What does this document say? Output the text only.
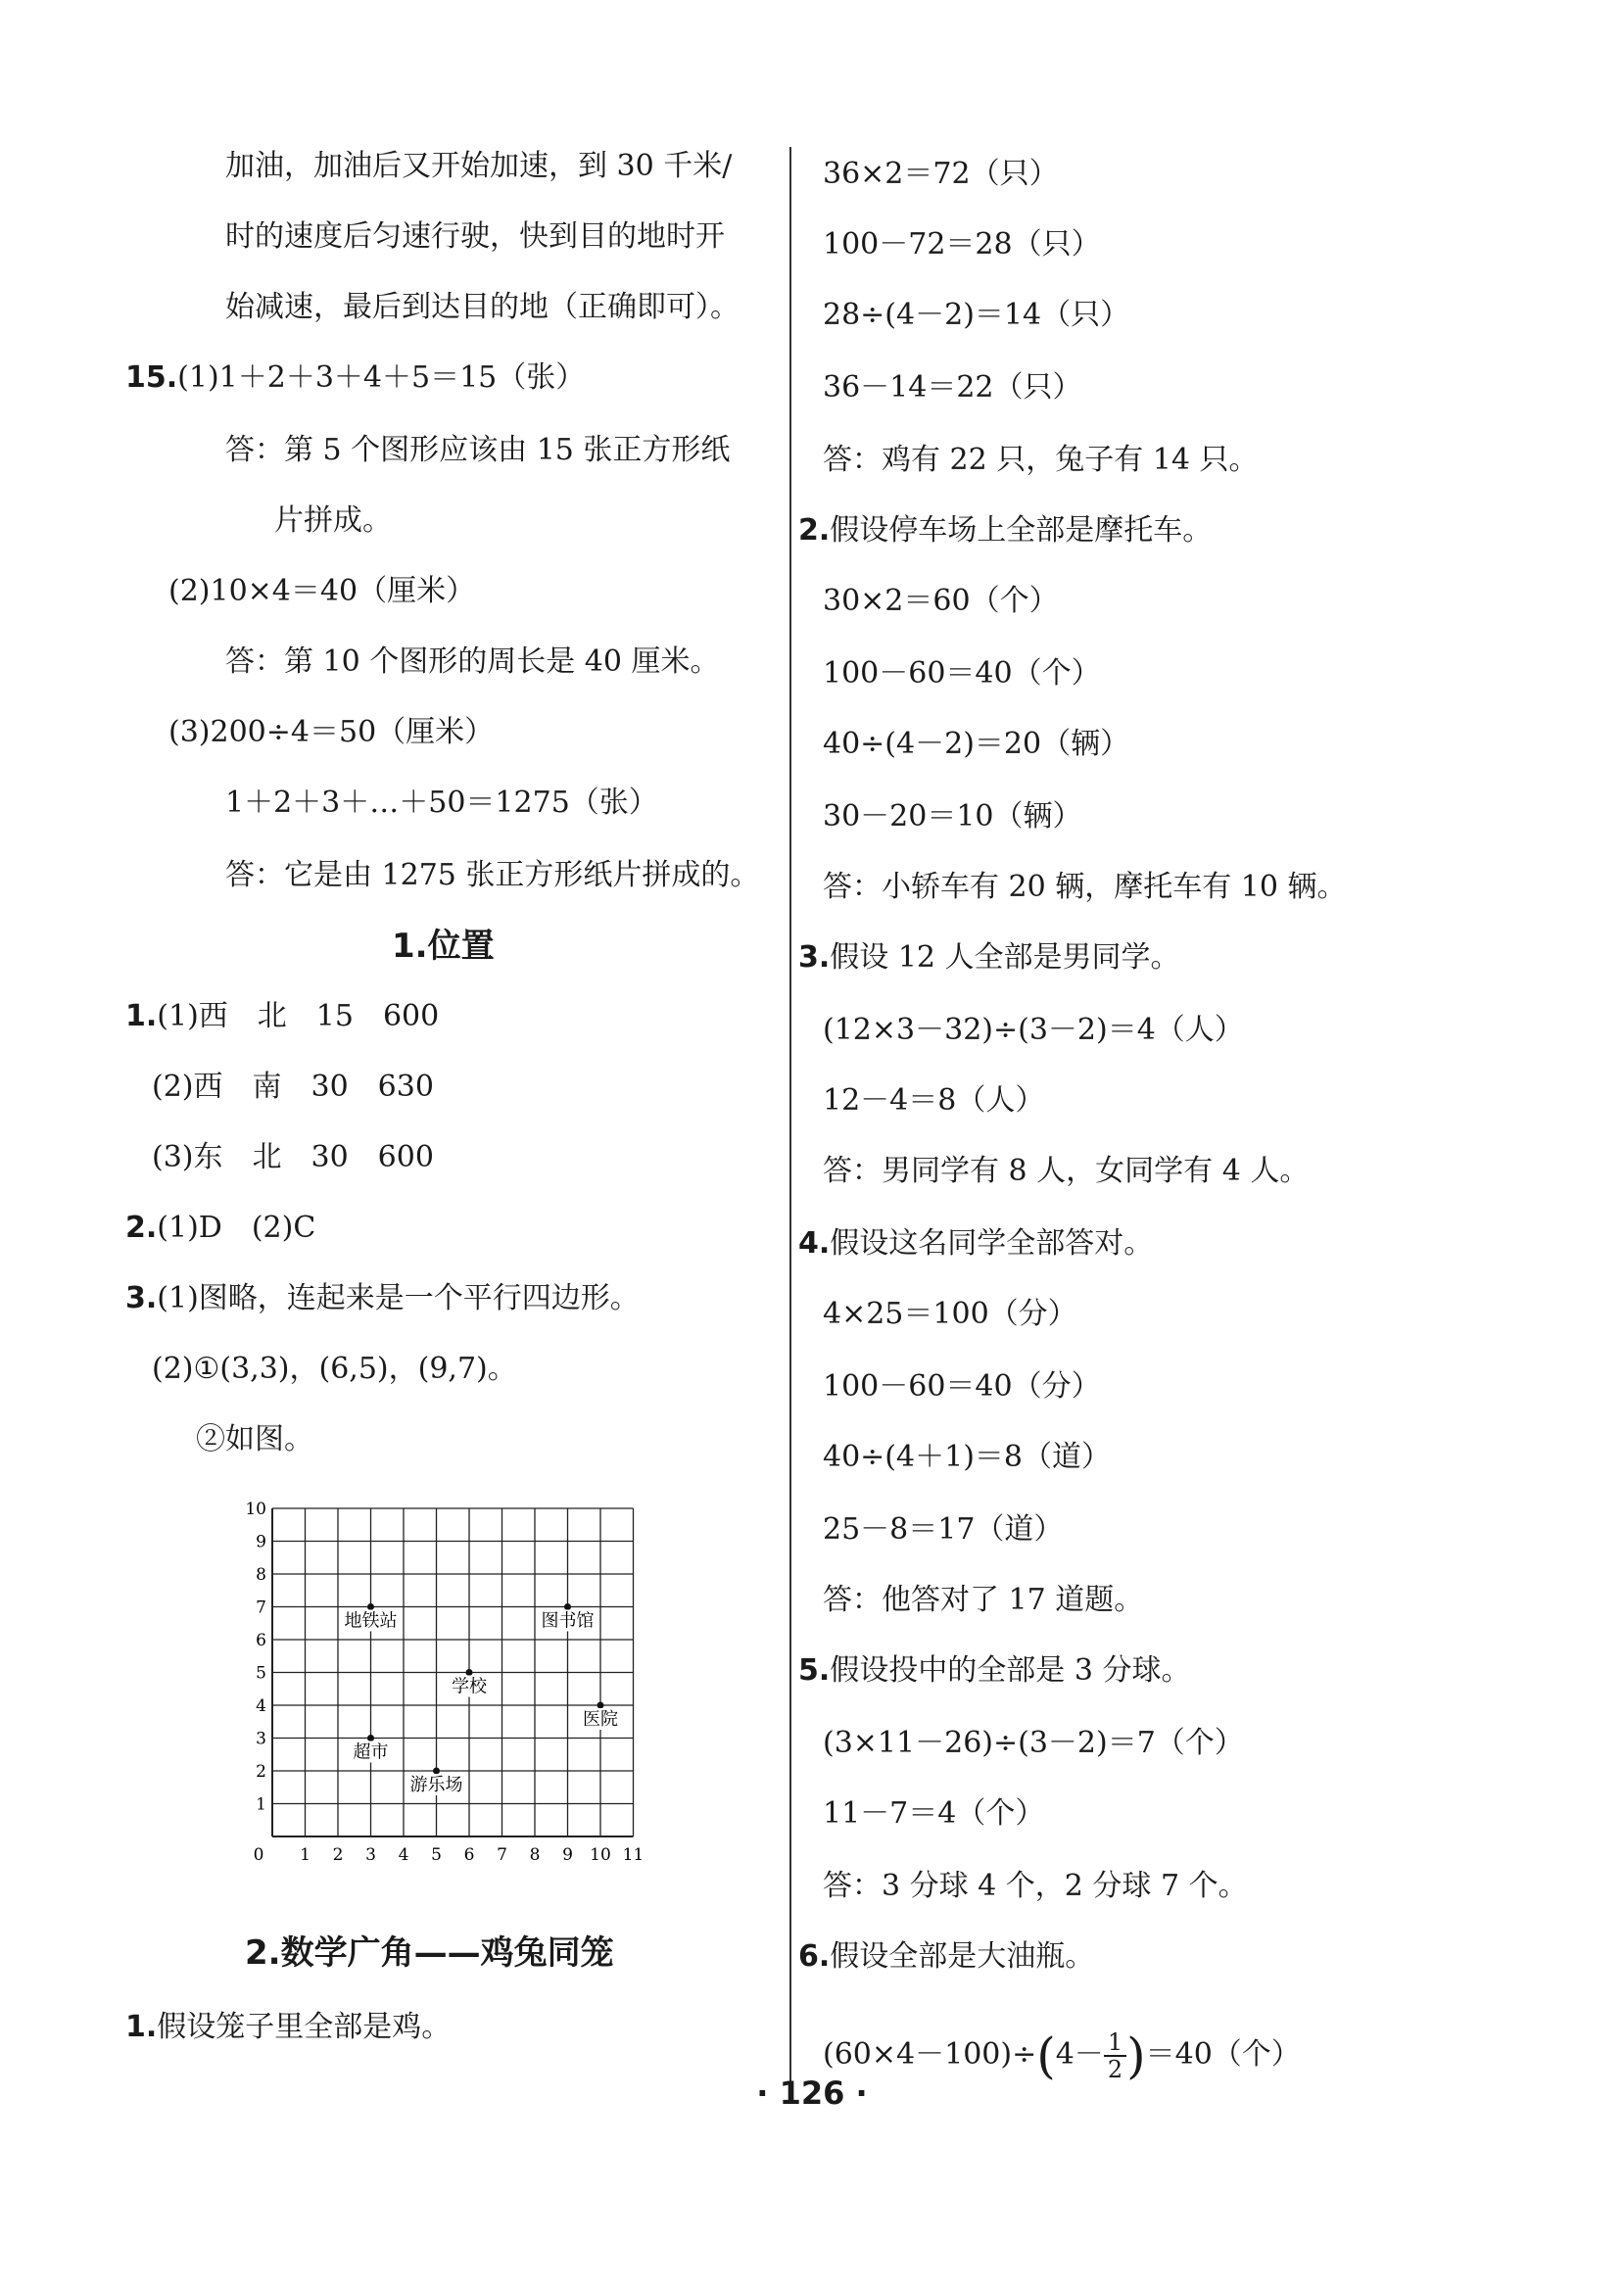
加油，加油后又开始加速，到 30 千米/
时的速度后匀速行驶，快到目的地时开
始减速，最后到达目的地（正确即可）。
15.(1)1＋2＋3＋4＋5＝15（张）
答：第 5 个图形应该由 15 张正方形纸
片拼成。
(2)10×4＝40（厘米）
答：第 10 个图形的周长是 40 厘米。
(3)200÷4＝50（厘米）
1＋2＋3＋…＋50＝1275（张）
答：它是由 1275 张正方形纸片拼成的。
1.位置
1.(1)西　北　15　600
(2)西　南　30　630
(3)东　北　30　600
2.(1)D　(2)C
3.(1)图略，连起来是一个平行四边形。
(2)①(3,3)，(6,5)，(9,7)。
②如图。
0 1 2 3 4 5 6 7 8 9 10 11
1
2
3
4
5
6
7
8
9
10
地铁站	图书馆
学校
医院
超市
游乐场
2.数学广角——鸡兔同笼
1.假设笼子里全部是鸡。
36×2＝72（只）
100－72＝28（只）
28÷(4－2)＝14（只）
36－14＝22（只）
答：鸡有 22 只，兔子有 14 只。
2.假设停车场上全部是摩托车。
30×2＝60（个）
100－60＝40（个）
40÷(4－2)＝20（辆）
30－20＝10（辆）
答：小轿车有 20 辆，摩托车有 10 辆。
3.假设 12 人全部是男同学。
(12×3－32)÷(3－2)＝4（人）
12－4＝8（人）
答：男同学有 8 人，女同学有 4 人。
4.假设这名同学全部答对。
4×25＝100（分）
100－60＝40（分）
40÷(4＋1)＝8（道）
25－8＝17（道）
答：他答对了 17 道题。
5.假设投中的全部是 3 分球。
(3×11－26)÷(3－2)＝7（个）
11－7＝4（个）
答：3 分球 4 个，2 分球 7 个。
6.假设全部是大油瓶。
$(60\times 4-100)\div(4- \frac{1}{2} )=40$（个）
· 126 ·
